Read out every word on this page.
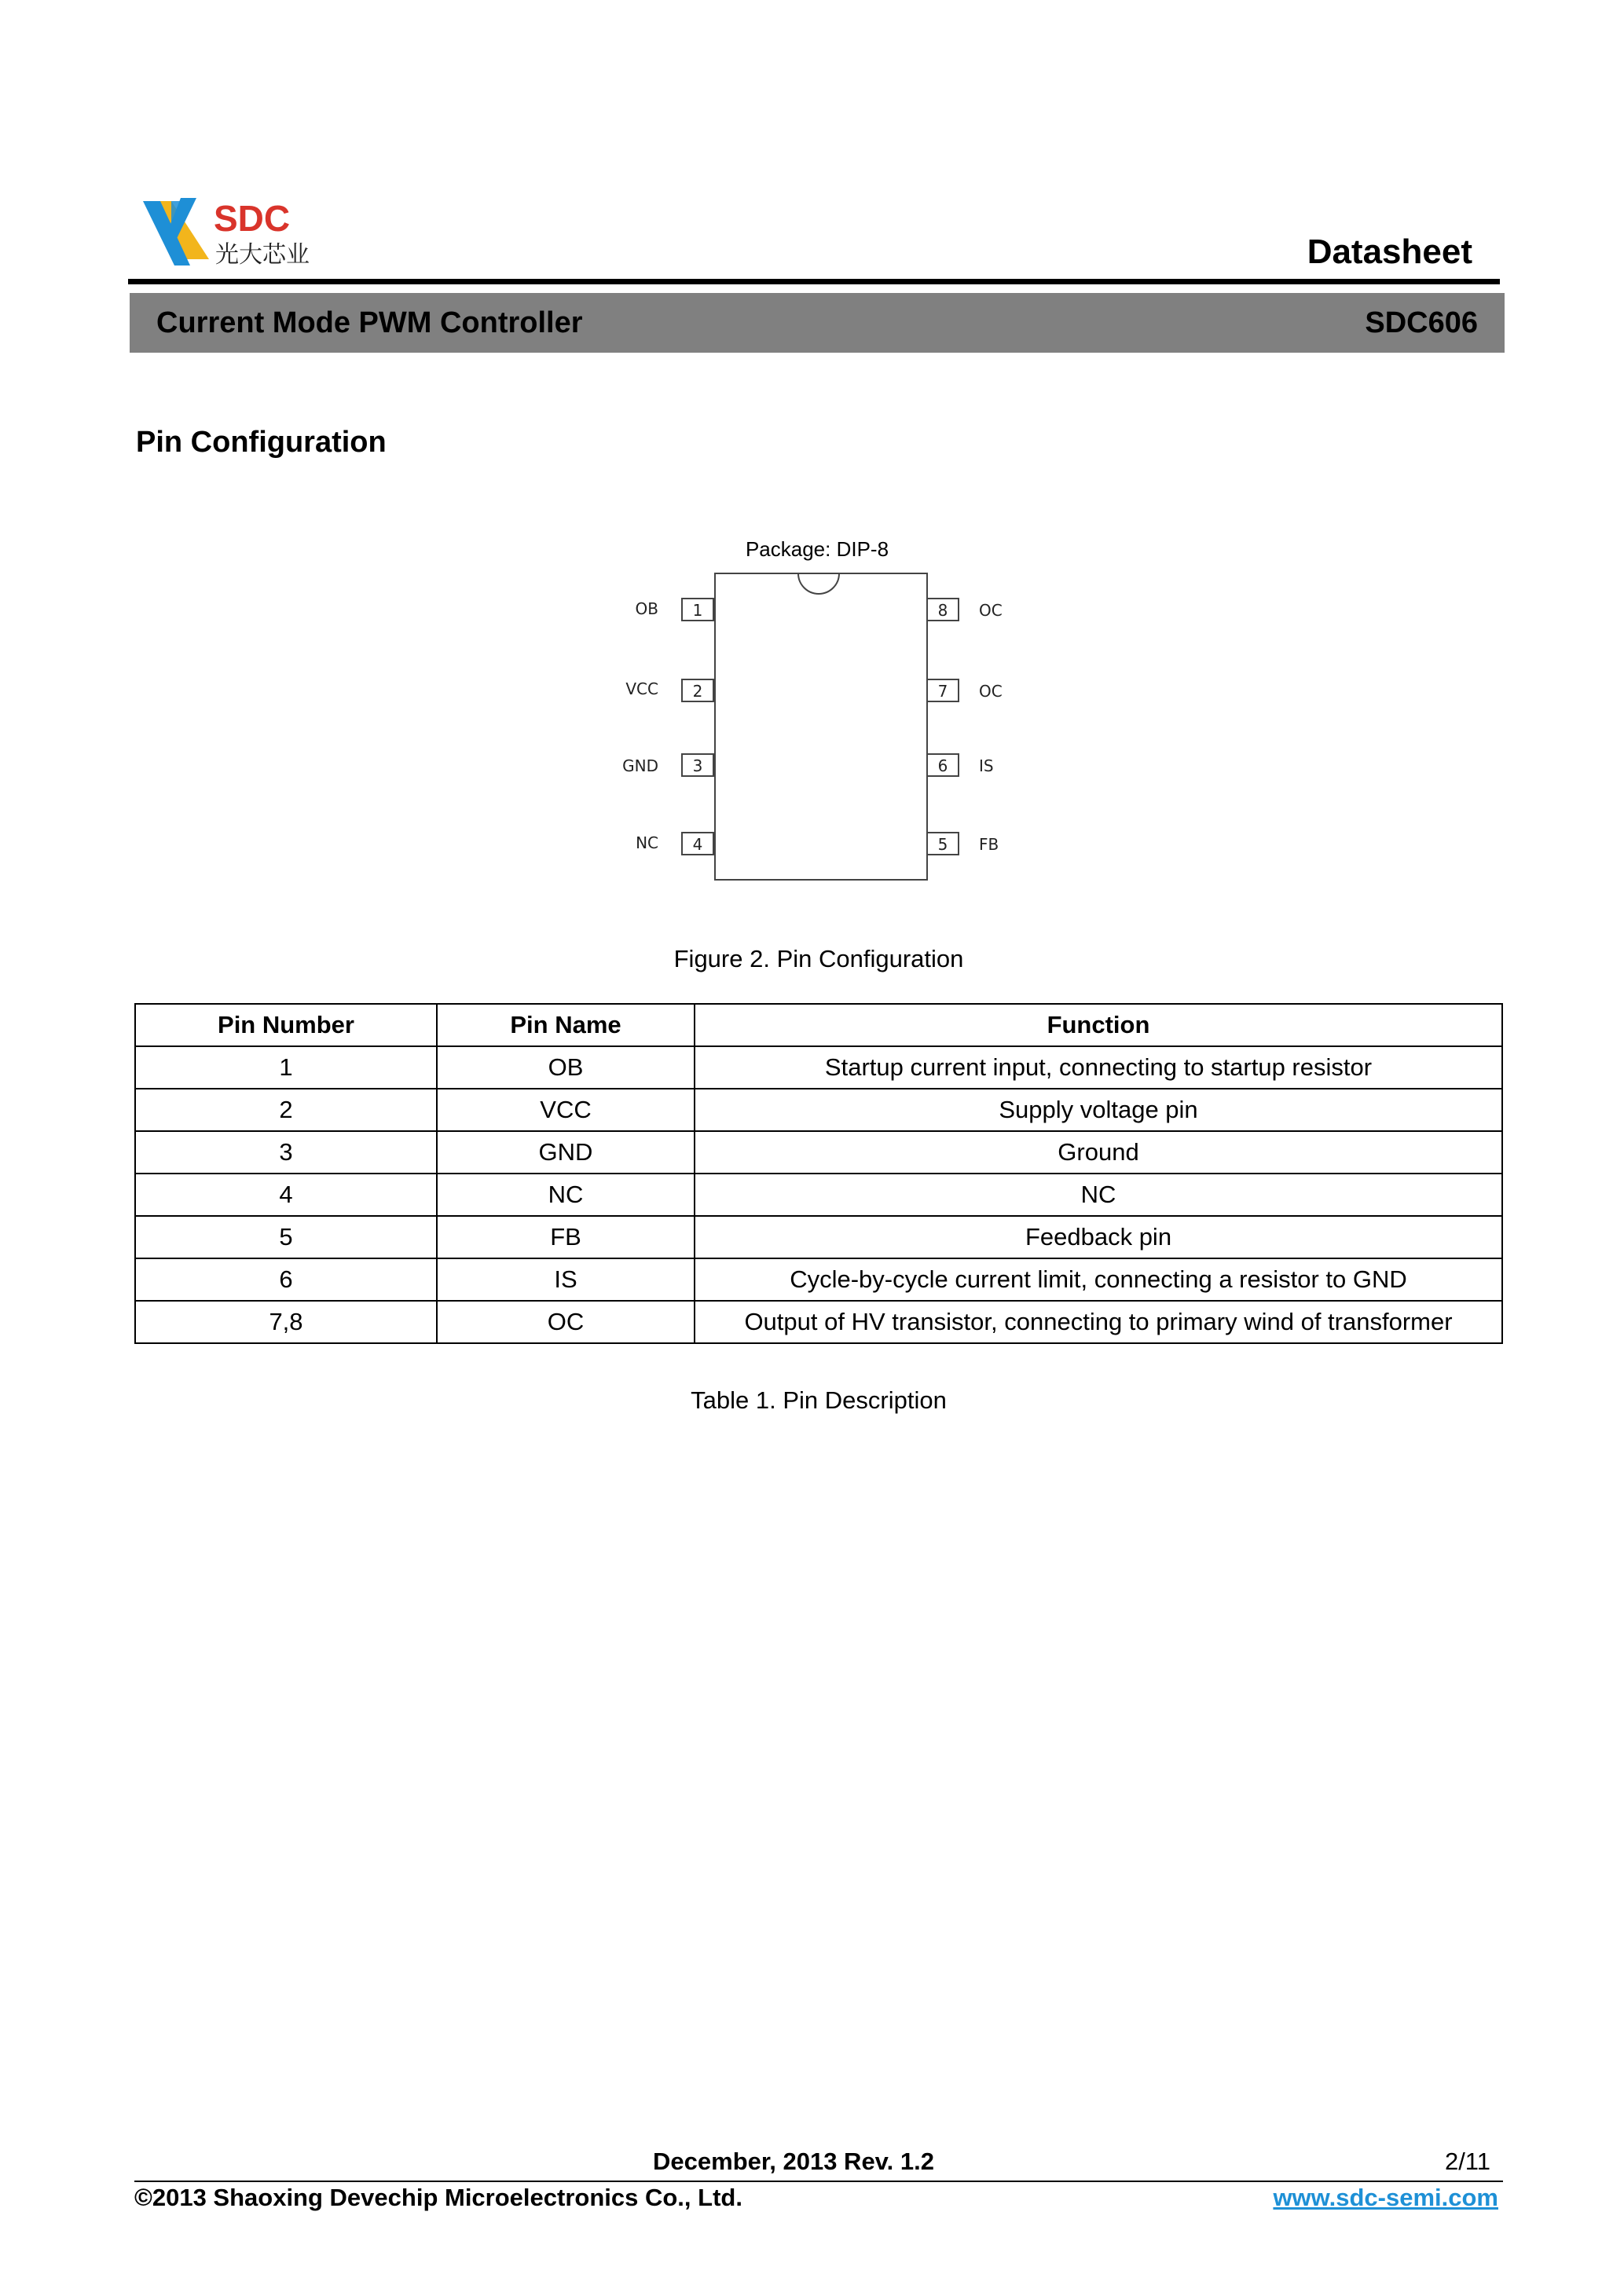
SDC
光大芯业	Datasheet
Current Mode PWM Controller	SDC606
Pin Configuration
Package: DIP-8
1
OB
2
VCC
3
GND
4
NC
8 OC
7 OC
6 IS
5 FB
Figure 2. Pin Configuration
Pin Number	Pin Name	Function
1	OB	Startup current input, connecting to startup resistor
2	VCC	Supply voltage pin
3	GND	Ground
4	NC	NC
5	FB	Feedback pin
6	IS	Cycle-by-cycle current limit, connecting a resistor to GND
7,8	OC	Output of HV transistor, connecting to primary wind of transformer
Table 1. Pin Description
December, 2013 Rev. 1.2	2/11
©2013 Shaoxing Devechip Microelectronics Co., Ltd.	www.sdc-semi.com
